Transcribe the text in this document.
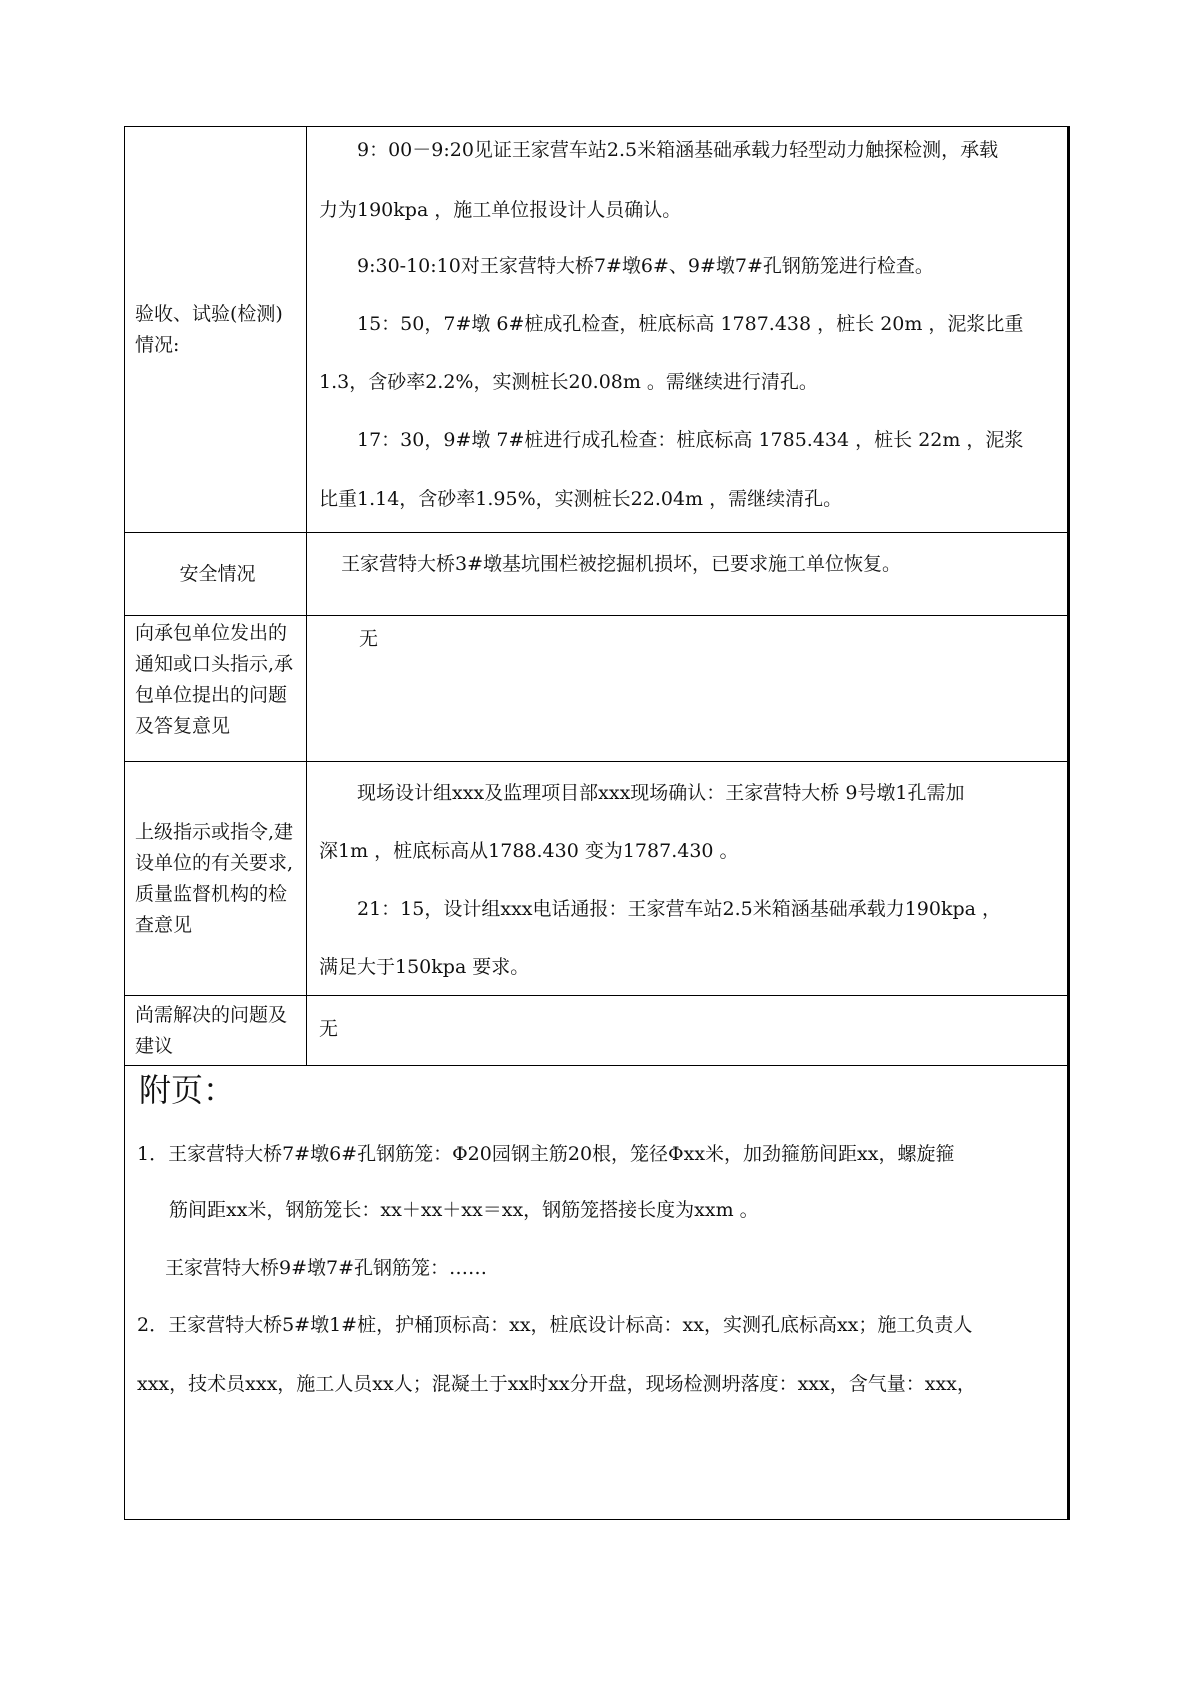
验收、试验(检测)情况:
9：00－9:20见证王家营车站2.5米箱涵基础承载力轻型动力触探检测，承载
力为190kpa ，施工单位报设计人员确认。
9:30-10:10对王家营特大桥7#墩6#、9#墩7#孔钢筋笼进行检查。
15：50，7#墩 6#桩成孔检查，桩底标高 1787.438 ，桩长 20m ，泥浆比重
1.3，含砂率2.2%，实测桩长20.08m 。需继续进行清孔。
17：30，9#墩 7#桩进行成孔检查：桩底标高 1785.434 ，桩长 22m ，泥浆
比重1.14，含砂率1.95%，实测桩长22.04m ，需继续清孔。
安全情况	王家营特大桥3#墩基坑围栏被挖掘机损坏，已要求施工单位恢复。
向承包单位发出的通知或口头指示,承包单位提出的问题及答复意见
无
上级指示或指令,建设单位的有关要求,质量监督机构的检查意见
现场设计组xxx及监理项目部xxx现场确认：王家营特大桥 9号墩1孔需加
深1m ，桩底标高从1788.430 变为1787.430 。
21：15，设计组xxx电话通报：王家营车站2.5米箱涵基础承载力190kpa ，
满足大于150kpa 要求。
尚需解决的问题及建议
无
附页：
1．王家营特大桥7#墩6#孔钢筋笼：Φ20园钢主筋20根，笼径Φxx米，加劲箍筋间距xx，螺旋箍
筋间距xx米，钢筋笼长：xx＋xx＋xx＝xx，钢筋笼搭接长度为xxm 。
王家营特大桥9#墩7#孔钢筋笼：……
2．王家营特大桥5#墩1#桩，护桶顶标高：xx，桩底设计标高：xx，实测孔底标高xx；施工负责人
xxx，技术员xxx，施工人员xx人；混凝土于xx时xx分开盘，现场检测坍落度：xxx，含气量：xxx，
